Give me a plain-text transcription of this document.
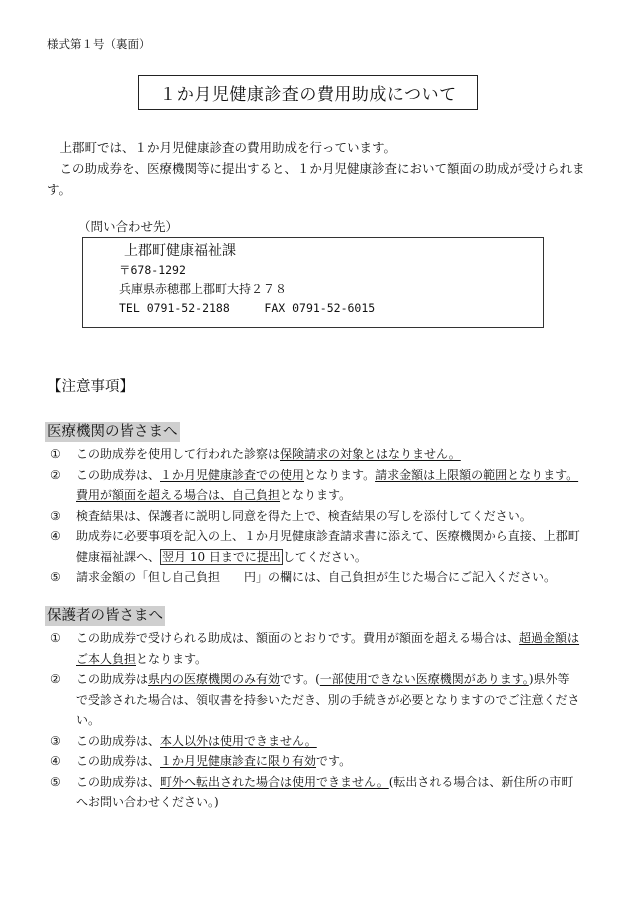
様式第１号（裏面）
１か月児健康診査の費用助成について

上郡町では、１か月児健康診査の費用助成を行っています。

この助成券を、医療機関等に提出すると、１か月児健康診査において額面の助成が受けられます。

（問い合わせ先）
上郡町健康福祉課
〒678-1292
兵庫県赤穂郡上郡町大持２７８
TEL 0791-52-2188	FAX 0791-52-6015
【注意事項】
医療機関の皆さまへ
①	この助成券を使用して行われた診察は保険請求の対象とはなりません。
②	この助成券は、１か月児健康診査での使用となります。請求金額は上限額の範囲となります。費用が額面を超える場合は、自己負担となります。
③	検査結果は、保護者に説明し同意を得た上で、検査結果の写しを添付してください。
④	助成券に必要事項を記入の上、１か月児健康診査請求書に添えて、医療機関から直接、上郡町健康福祉課へ、 翌月 10 日までに提出 してください。
⑤	請求金額の「但し自己負担　　円」の欄には、自己負担が生じた場合にご記入ください。
保護者の皆さまへ
①	この助成券で受けられる助成は、額面のとおりです。費用が額面を超える場合は、超過金額はご本人負担となります。
②	この助成券は県内の医療機関のみ有効です。(一部使用できない医療機関があります。)県外等で受診された場合は、領収書を持参いただき、別の手続きが必要となりますのでご注意ください。
③	この助成券は、本人以外は使用できません。
④	この助成券は、１か月児健康診査に限り有効です。
⑤	この助成券は、町外へ転出された場合は使用できません。(転出される場合は、新住所の市町へお問い合わせください。)
